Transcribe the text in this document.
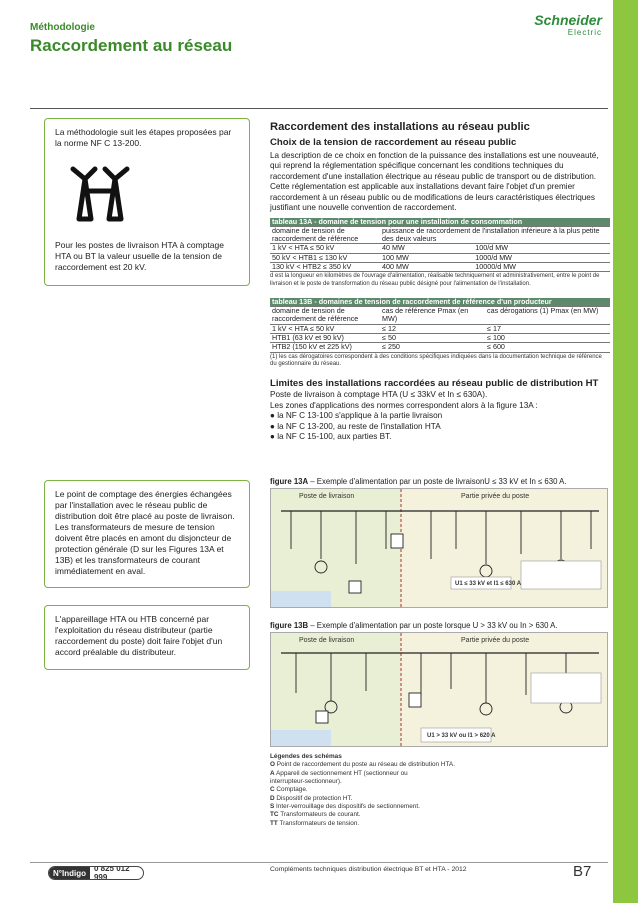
Méthodologie
Raccordement au réseau
Schneider
Electric
La méthodologie suit les étapes proposées par la norme NF C 13-200.
Pour les postes de livraison HTA à comptage HTA ou BT la valeur usuelle de la tension de raccordement est 20 kV.
Le point de comptage des énergies échangées par l'installation avec le réseau public de distribution doit être placé au poste de livraison. Les transformateurs de mesure de tension doivent être placés en amont du disjoncteur de protection générale (D sur les Figures 13A et 13B) et les transformateurs de courant immédiatement en aval.
L'appareillage HTA ou HTB concerné par l'exploitation du réseau distributeur (partie raccordement du poste) doit faire l'objet d'un accord préalable du distributeur.
Raccordement des installations au réseau public
Choix de la tension de raccordement au réseau public
La description de ce choix en fonction de la puissance des installations est une nouveauté, qui reprend la réglementation spécifique concernant les conditions techniques du raccordement d'une installation électrique au réseau public de transport ou de distribution.
Cette réglementation est applicable aux installations devant faire l'objet d'un premier raccordement à un réseau public ou de modifications de leurs caractéristiques électriques justifiant une nouvelle convention de raccordement.
tableau 13A - domaine de tension pour une installation de consommation		
domaine de tension de raccordement de référence	puissance de raccordement de l'installation inférieure à la plus petite des deux valeurs	
1 kV < HTA ≤ 50 kV	40 MW	100/d MW
50 kV < HTB1 ≤ 130 kV	100 MW	1000/d MW
130 kV < HTB2 ≤ 350 kV	400 MW	10000/d MW
d est la longueur en kilomètres de l'ouvrage d'alimentation, réalisable techniquement et administrativement, entre le point de livraison et le poste de transformation du réseau public désigné pour l'alimentation de l'installation.
tableau 13B - domaines de tension de raccordement de référence d'un producteur		
domaine de tension de raccordement de référence	cas de référence Pmax (en MW)	cas dérogations (1) Pmax (en MW)
1 kV < HTA ≤ 50 kV	≤ 12	≤ 17
HTB1 (63 kV et 90 kV)	≤ 50	≤ 100
HTB2 (150 kV et 225 kV)	≤ 250	≤ 600
(1) les cas dérogatoires correspondent à des conditions spécifiques indiquées dans la documentation technique de référence du gestionnaire du réseau.
Limites des installations raccordées au réseau public de distribution HT
Poste de livraison à comptage HTA (U ≤ 33kV et In ≤ 630A).
Les zones d'applications des normes correspondent alors à la figure 13A :
● la NF C 13-100 s'applique à la partie livraison
● la NF C 13-200, au reste de l'installation HTA
● la NF C 15-100, aux parties BT.
figure 13A – Exemple d'alimentation par un poste de livraisonU ≤ 33 kV et In ≤ 630 A.
Poste de livraison	Partie privée du poste
U1 ≤ 33 kV et I1 ≤ 630 A
figure 13B – Exemple d'alimentation par un poste lorsque U > 33 kV ou In > 630 A.
Poste de livraison	Partie privée du poste
U1 > 33 kV ou I1 > 620 A
Légendes des schémas
O Point de raccordement du poste au réseau de distribution HTA.
A Appareil de sectionnement HT (sectionneur ou interrupteur-sectionneur).
C Comptage.
D Dispositif de protection HT.
S Inter-verrouillage des dispositifs de sectionnement.
TC Transformateurs de courant.
TT Transformateurs de tension.
N°Indigo	0 825 012 999
Compléments techniques distribution électrique BT et HTA - 2012	B7
